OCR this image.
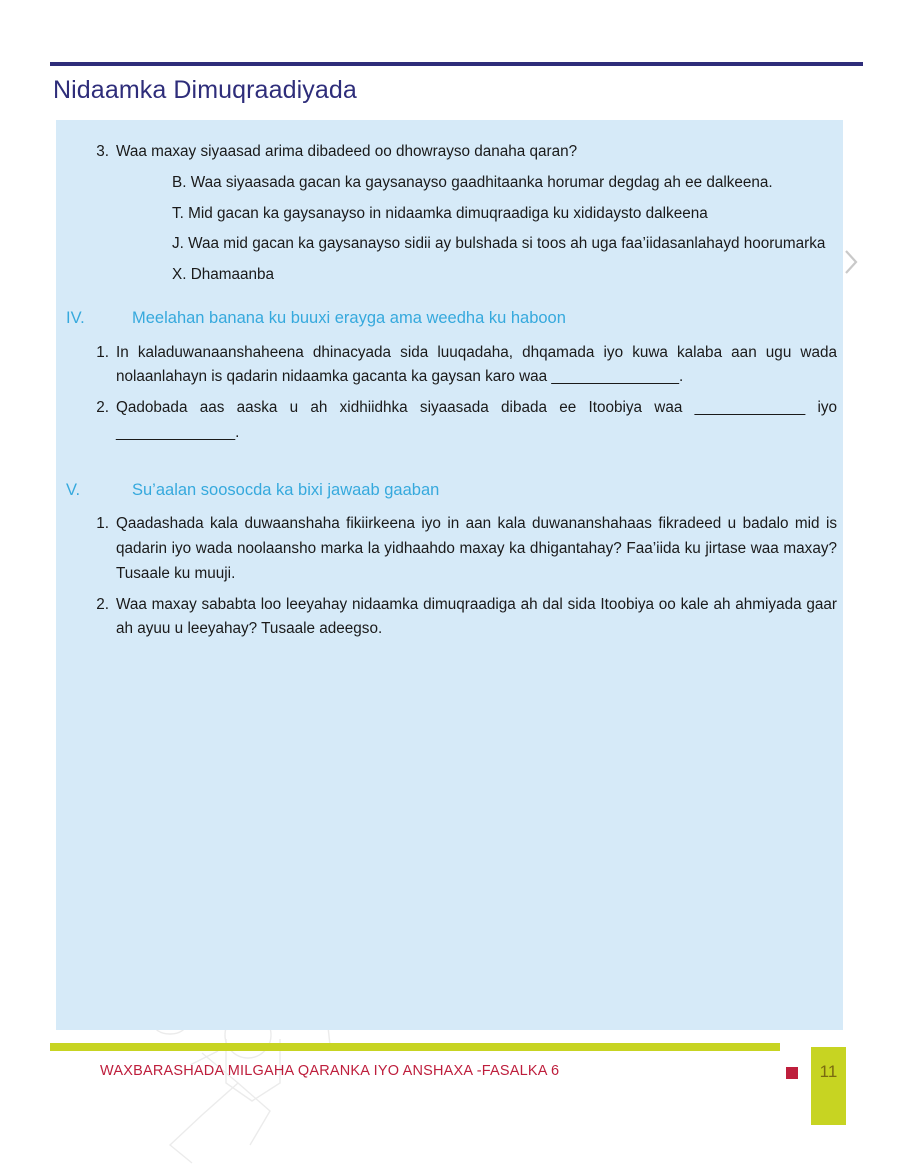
Nidaamka Dimuqraadiyada
3. Waa maxay siyaasad arima dibadeed oo dhowrayso danaha qaran?
B. Waa siyaasada gacan ka gaysanayso gaadhitaanka horumar degdag ah ee dalkeena.
T. Mid gacan ka gaysanayso in nidaamka dimuqraadiga ku xididaysto dalkeena
J. Waa mid gacan ka gaysanayso sidii ay bulshada si toos ah uga faa’iidasanlahayd hoorumarka
X. Dhamaanba
IV.	Meelahan banana ku buuxi erayga ama weedha ku haboon
1. In kaladuwanaanshaheena dhinacyada sida luuqadaha, dhqamada iyo kuwa kalaba aan ugu wada nolaanlahayn is qadarin nidaamka gacanta ka gaysan karo waa _______________.
2. Qadobada aas aaska u ah xidhiidhka siyaasada dibada ee Itoobiya waa _____________ iyo ______________.
V.	Su’aalan soosocda ka bixi jawaab gaaban
1. Qaadashada kala duwaanshaha fikiirkeena iyo in aan kala duwananshahaas fikradeed u badalo mid is qadarin iyo wada noolaansho marka la yidhaahdo maxay ka dhigantahay? Faa’iida ku jirtase waa maxay? Tusaale ku muuji.
2. Waa maxay sababta loo leeyahay nidaamka dimuqraadiga ah dal sida Itoobiya oo kale ah ahmiyada gaar ah ayuu u leeyahay? Tusaale adeegso.
WAXBARASHADA MILGAHA QARANKA IYO ANSHAXA -FASALKA 6	11
